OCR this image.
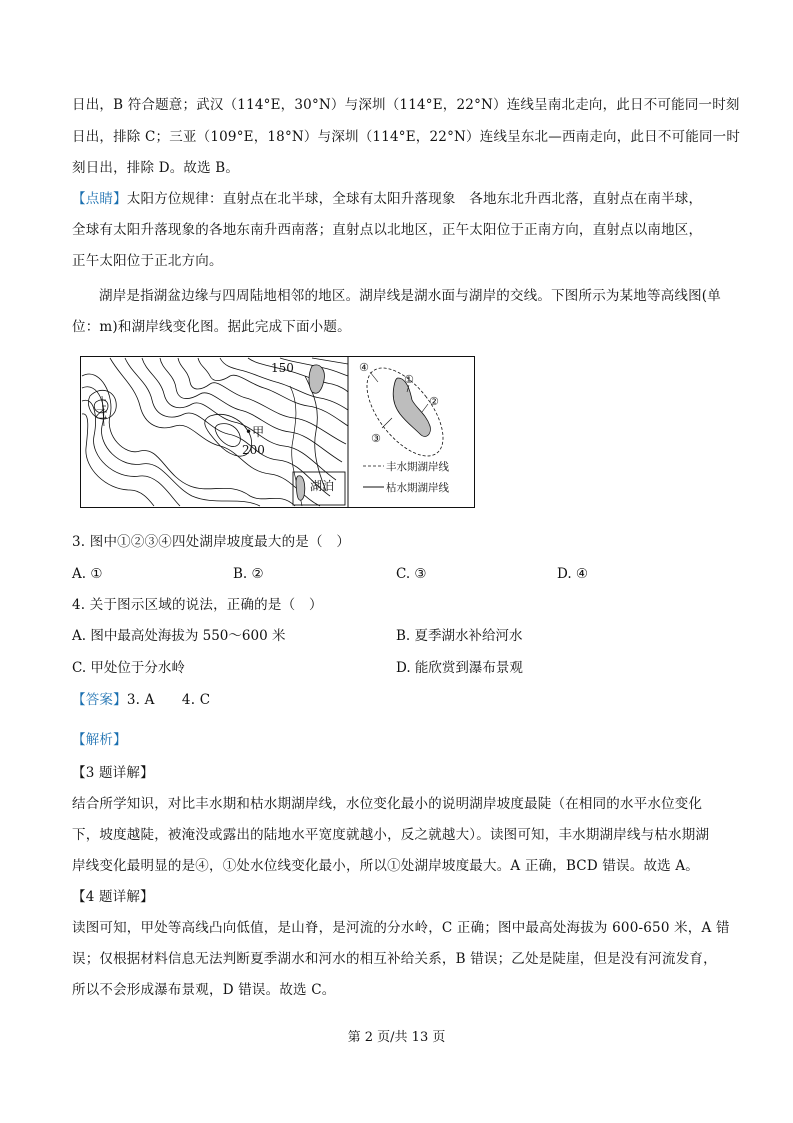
日出，B 符合题意；武汉（114°E，30°N）与深圳（114°E，22°N）连线呈南北走向，此日不可能同一时刻
日出，排除 C；三亚（109°E，18°N）与深圳（114°E，22°N）连线呈东北—西南走向，此日不可能同一时
刻日出，排除 D。故选 B。
【点睛】太阳方位规律：直射点在北半球，全球有太阳升落现象　各地东北升西北落，直射点在南半球，
全球有太阳升落现象的各地东南升西南落；直射点以北地区，正午太阳位于正南方向，直射点以南地区，
正午太阳位于正北方向。
湖岸是指湖盆边缘与四周陆地相邻的地区。湖岸线是湖水面与湖岸的交线。下图所示为某地等高线图(单
位：m)和湖岸线变化图。据此完成下面小题。
150
200
•甲
乙
湖泊
①
②
③
④
丰水期湖岸线
枯水期湖岸线
3. 图中①②③④四处湖岸坡度最大的是（　）
A. ①	B. ②	C. ③	D. ④
4. 关于图示区域的说法，正确的是（　）
A. 图中最高处海拔为 550～600 米	B. 夏季湖水补给河水
C. 甲处位于分水岭	D. 能欣赏到瀑布景观
【答案】3. A　　4. C
【解析】
【3 题详解】
结合所学知识，对比丰水期和枯水期湖岸线，水位变化最小的说明湖岸坡度最陡（在相同的水平水位变化
下，坡度越陡，被淹没或露出的陆地水平宽度就越小，反之就越大）。读图可知，丰水期湖岸线与枯水期湖
岸线变化最明显的是④，①处水位线变化最小，所以①处湖岸坡度最大。A 正确，BCD 错误。故选 A。
【4 题详解】
读图可知，甲处等高线凸向低值，是山脊，是河流的分水岭，C 正确；图中最高处海拔为 600-650 米，A 错
误；仅根据材料信息无法判断夏季湖水和河水的相互补给关系，B 错误；乙处是陡崖，但是没有河流发育，
所以不会形成瀑布景观，D 错误。故选 C。
第 2 页/共 13 页
